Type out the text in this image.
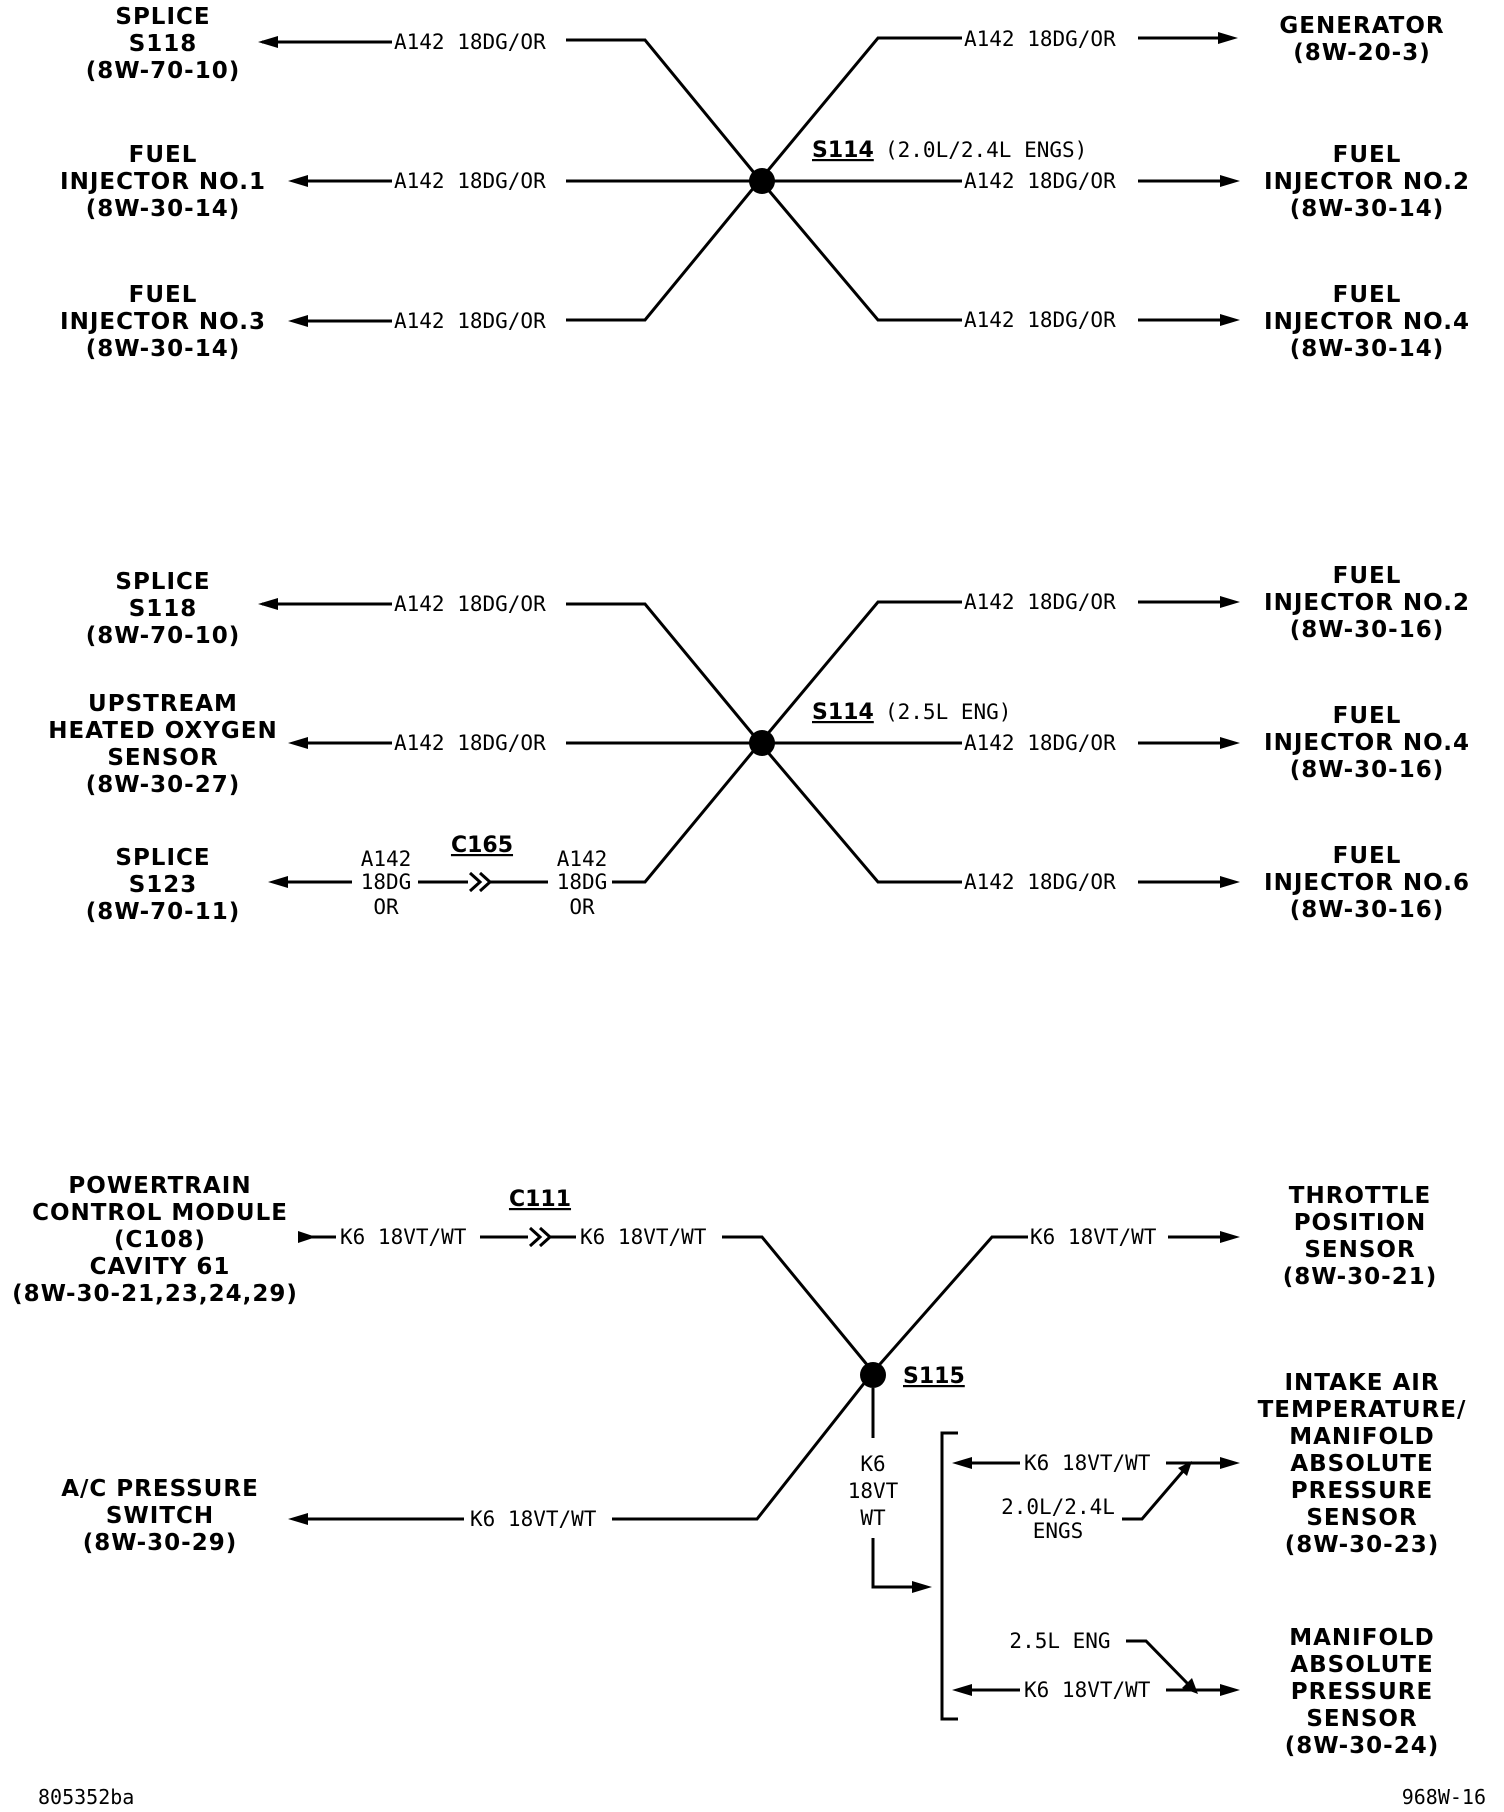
SPLICE
S118
(8W-70-10)
FUEL
INJECTOR NO.1
(8W-30-14)
FUEL
INJECTOR NO.3
(8W-30-14)
A142 18DG/OR
A142 18DG/OR
A142 18DG/OR
S114 (2.0L/2.4L ENGS)
A142 18DG/OR
A142 18DG/OR
A142 18DG/OR
GENERATOR
(8W-20-3)
FUEL
INJECTOR NO.2
(8W-30-14)
FUEL
INJECTOR NO.4
(8W-30-14)
SPLICE
S118
(8W-70-10)
UPSTREAM
HEATED OXYGEN
SENSOR
(8W-30-27)
SPLICE
S123
(8W-70-11)
A142 18DG/OR
A142 18DG/OR
A142
18DG
OR
C165
A142
18DG
OR
S114 (2.5L ENG)
A142 18DG/OR
A142 18DG/OR
A142 18DG/OR
FUEL
INJECTOR NO.2
(8W-30-16)
FUEL
INJECTOR NO.4
(8W-30-16)
FUEL
INJECTOR NO.6
(8W-30-16)
POWERTRAIN
CONTROL MODULE
(C108)
CAVITY 61
(8W-30-21,23,24,29)
A/C PRESSURE
SWITCH
(8W-30-29)
K6 18VT/WT
C111
K6 18VT/WT
K6 18VT/WT
S115
K6 18VT/WT
K6
18VT
WT
K6 18VT/WT
2.0L/2.4L
ENGS
2.5L ENG
K6 18VT/WT
THROTTLE
POSITION
SENSOR
(8W-30-21)
INTAKE AIR
TEMPERATURE/
MANIFOLD
ABSOLUTE
PRESSURE
SENSOR
(8W-30-23)
MANIFOLD
ABSOLUTE
PRESSURE
SENSOR
(8W-30-24)
805352ba	968W-16
